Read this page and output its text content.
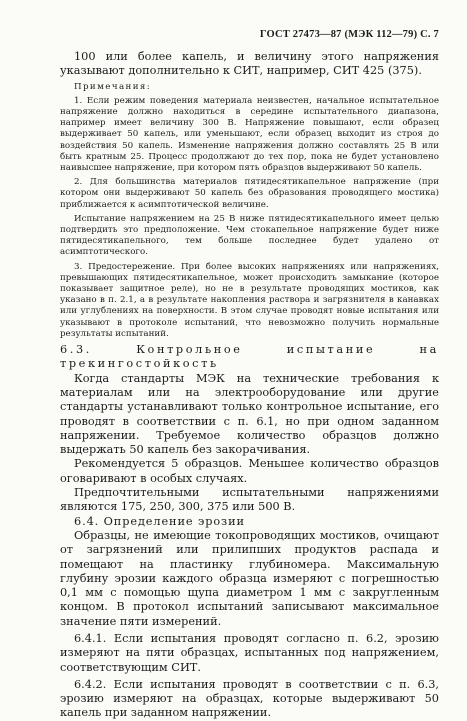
ГОСТ 27473—87 (МЭК 112—79) С. 7

100 или более капель, и величину этого напряжения указывают дополнительно к СИТ, например, СИТ 425 (375).

Примечания:

1. Если режим поведения материала неизвестен, начальное испытательное напряжение должно находиться в середине испытательного диапазона, например имеет величину 300 В. Напряжение повышают, если образец выдерживает 50 капель, или уменьшают, если образец выходит из строя до воздействия 50 капель. Изменение напряжения должно составлять 25 В или быть кратным 25. Процесс продолжают до тех пор, пока не будет установлено наивысшее напряжение, при котором пять образцов выдерживают 50 капель.

2. Для большинства материалов пятидесятикапельное напряжение (при котором они выдерживают 50 капель без образования проводящего мостика) приближается к асимптотической величине.

Испытание напряжением на 25 В ниже пятидесятикапельного имеет целью подтвердить это предположение. Чем стокапельное напряжение будет ниже пятидесятикапельного, тем больше последнее будет удалено от асимптотического.

3. Предостережение. При более высоких напряжениях или напряжениях, превышающих пятидесятикапельное, может происходить замыкание (которое показывает защитное реле), но не в результате проводящих мостиков, как указано в п. 2.1, а в результате накопления раствора и загрязнителя в канавках или углублениях на поверхности. В этом случае проводят новые испытания или указывают в протоколе испытаний, что невозможно получить нормальные результаты испытаний.

6.3. Контрольное испытание на трекингостойкость

Когда стандарты МЭК на технические требования к материалам или на электрооборудование или другие стандарты устанавливают только контрольное испытание, его проводят в соответствии с п. 6.1, но при одном заданном напряжении. Требуемое количество образцов должно выдержать 50 капель без закорачивания.

Рекомендуется 5 образцов. Меньшее количество образцов оговаривают в особых случаях.

Предпочтительными испытательными напряжениями являются 175, 250, 300, 375 или 500 В.

6.4. Определение эрозии

Образцы, не имеющие токопроводящих мостиков, очищают от загрязнений или прилипших продуктов распада и помещают на пластинку глубиномера. Максимальную глубину эрозии каждого образца измеряют с погрешностью 0,1 мм с помощью щупа диаметром 1 мм с закругленным концом. В протокол испытаний записывают максимальное значение пяти измерений.

6.4.1. Если испытания проводят согласно п. 6.2, эрозию измеряют на пяти образцах, испытанных под напряжением, соответствующим СИТ.

6.4.2. Если испытания проводят в соответствии с п. 6.3, эрозию измеряют на образцах, которые выдерживают 50 капель при заданном напряжении.
